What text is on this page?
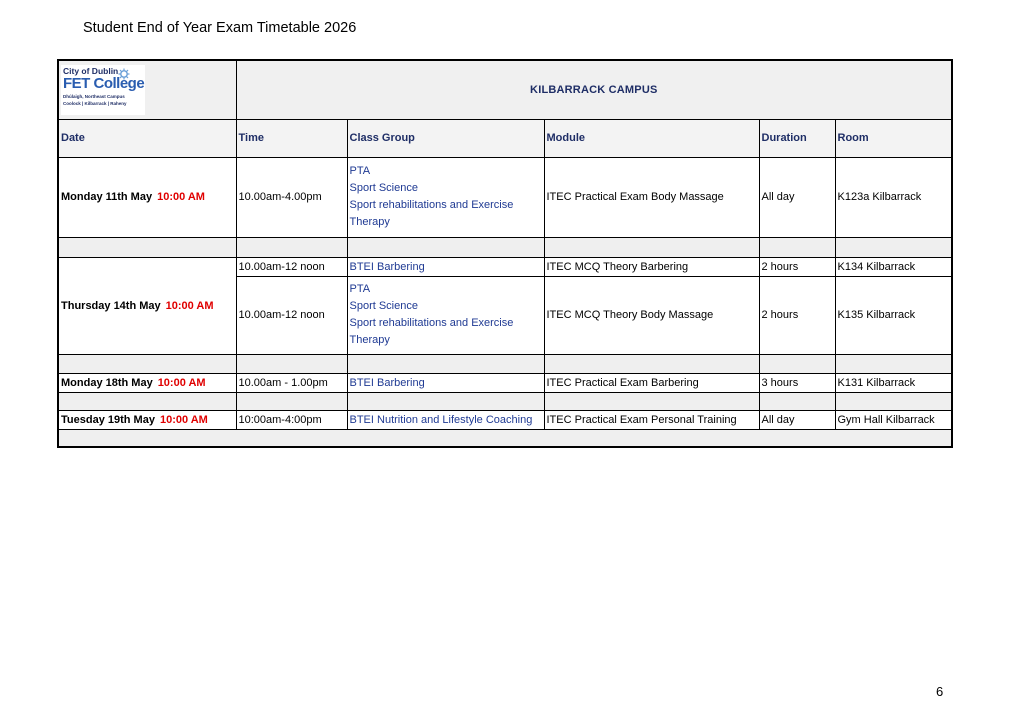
Student End of Year Exam Timetable 2026
City of Dublin
FET College
Dhúlaigh, Northeast Campus
Coolock | Kilbarrack | Raheny	KILBARRACK CAMPUS				
Date	Time	Class Group	Module	Duration	Room
Monday 11th May 10:00 AM	10.00am-4.00pm	PTA
Sport Science
Sport rehabilitations and Exercise
Therapy	ITEC Practical Exam Body Massage	All day	K123a Kilbarrack

Thursday 14th May 10:00 AM	10.00am-12 noon	BTEI Barbering	ITEC MCQ Theory Barbering	2 hours	K134 Kilbarrack
	10.00am-12 noon	PTA
Sport Science
Sport rehabilitations and Exercise
Therapy	ITEC MCQ Theory Body Massage	2 hours	K135 Kilbarrack

Monday 18th May 10:00 AM	10.00am - 1.00pm	BTEI Barbering	ITEC Practical Exam Barbering	3 hours	K131 Kilbarrack

Tuesday 19th May 10:00 AM	10:00am-4:00pm	BTEI Nutrition and Lifestyle Coaching	ITEC Practical Exam Personal Training	All day	Gym Hall Kilbarrack

6
